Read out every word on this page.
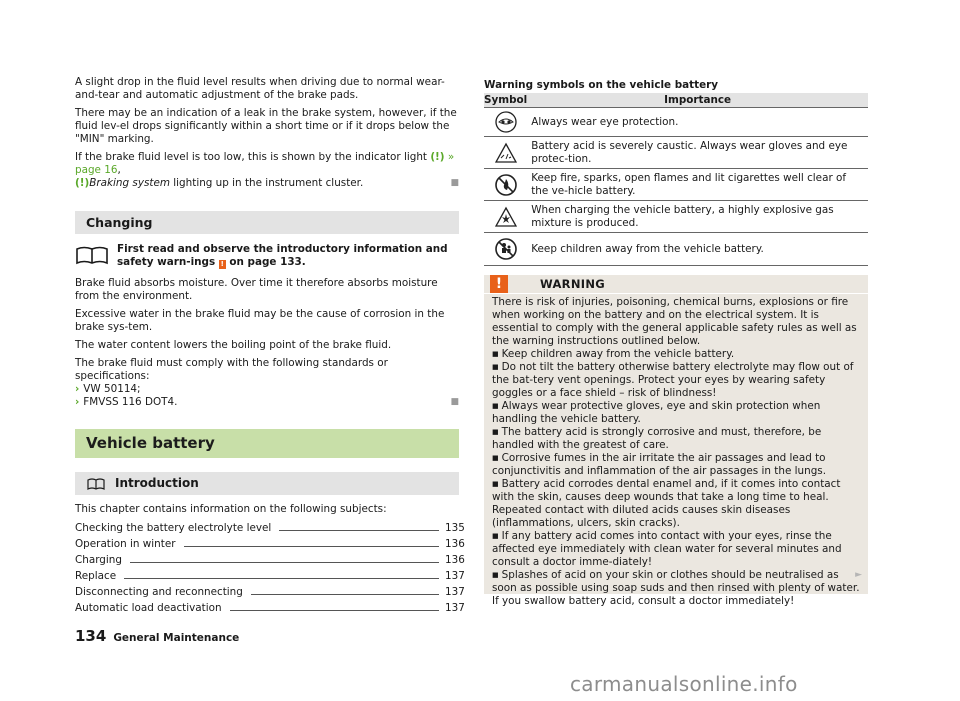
A slight drop in the fluid level results when driving due to normal wear-and-tear and automatic adjustment of the brake pads.

There may be an indication of a leak in the brake system, however, if the fluid lev-el drops significantly within a short time or if it drops below the "MIN" marking.

If the brake fluid level is too low, this is shown by the indicator light (!) » page 16,
(!)Braking system lighting up in the instrument cluster.	■

Changing
First read and observe the introductory information and safety warn-ings ! on page 133.

Brake fluid absorbs moisture. Over time it therefore absorbs moisture from the environment.

Excessive water in the brake fluid may be the cause of corrosion in the brake sys-tem.

The water content lowers the boiling point of the brake fluid.

The brake fluid must comply with the following standards or specifications:

› VW 50114;
› FMVSS 116 DOT4.	■
Vehicle battery
Introduction

This chapter contains information on the following subjects:

Checking the battery electrolyte level	135
Operation in winter	136
Charging	136
Replace	137
Disconnecting and reconnecting	137
Automatic load deactivation	137
Warning symbols on the vehicle battery
Symbol	Importance

	Always wear eye protection.

	Battery acid is severely caustic. Always wear gloves and eye protec-tion.

	Keep fire, sparks, open flames and lit cigarettes well clear of the ve-hicle battery.

	When charging the vehicle battery, a highly explosive gas mixture is produced.

	Keep children away from the vehicle battery.
!	WARNING

There is risk of injuries, poisoning, chemical burns, explosions or fire when working on the battery and on the electrical system. It is essential to comply with the general applicable safety rules as well as the warning instructions outlined below.

■ Keep children away from the vehicle battery.

■ Do not tilt the battery otherwise battery electrolyte may flow out of the bat-tery vent openings. Protect your eyes by wearing safety goggles or a face shield – risk of blindness!

■ Always wear protective gloves, eye and skin protection when handling the vehicle battery.

■ The battery acid is strongly corrosive and must, therefore, be handled with the greatest of care.

■ Corrosive fumes in the air irritate the air passages and lead to conjunctivitis and inflammation of the air passages in the lungs.

■ Battery acid corrodes dental enamel and, if it comes into contact with the skin, causes deep wounds that take a long time to heal. Repeated contact with diluted acids causes skin diseases (inflammations, ulcers, skin cracks).

■ If any battery acid comes into contact with your eyes, rinse the affected eye immediately with clean water for several minutes and consult a doctor imme-diately!

■ Splashes of acid on your skin or clothes should be neutralised as soon as possible using soap suds and then rinsed with plenty of water. If you swallow battery acid, consult a doctor immediately!

►
134 General Maintenance
carmanualsonline.info
